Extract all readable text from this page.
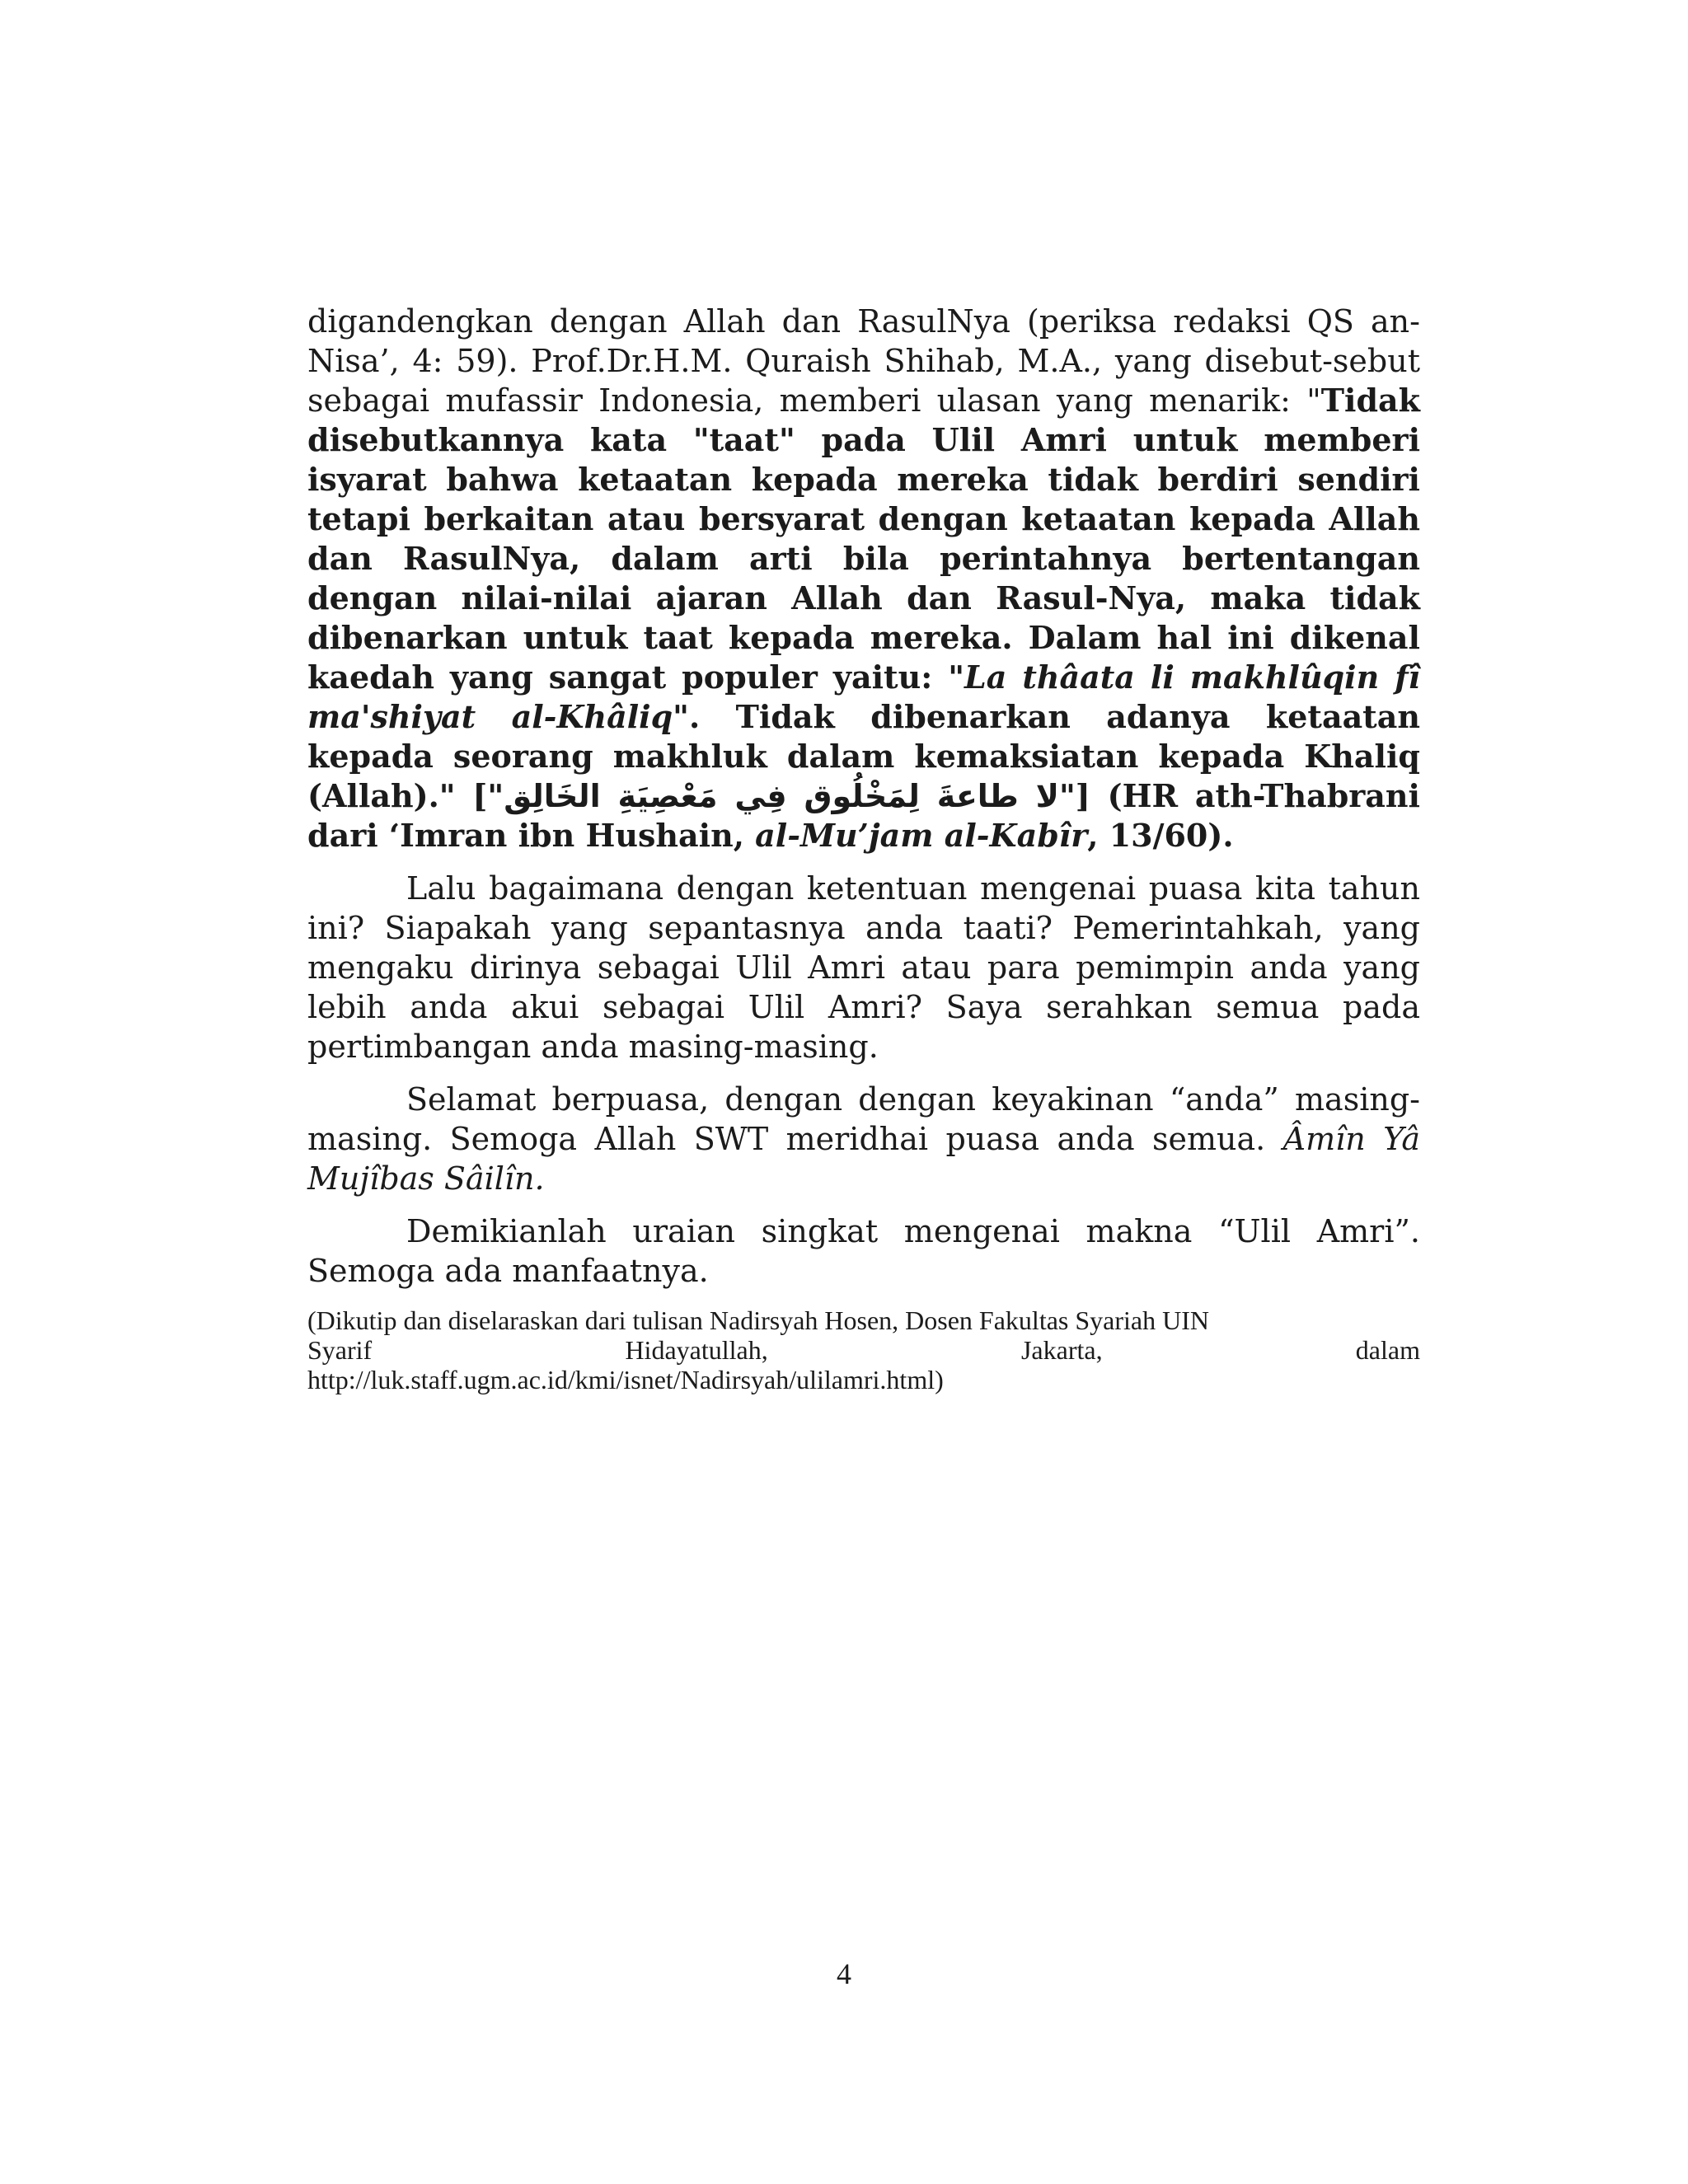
digandengkan dengan Allah dan RasulNya (periksa redaksi QS an-Nisa’, 4: 59). Prof.Dr.H.M. Quraish Shihab, M.A., yang disebut-sebut sebagai mufassir Indonesia, memberi ulasan yang menarik: "Tidak disebutkannya kata "taat" pada Ulil Amri untuk memberi isyarat bahwa ketaatan kepada mereka tidak berdiri sendiri tetapi berkaitan atau bersyarat dengan ketaatan kepada Allah dan RasulNya, dalam arti bila perintahnya bertentangan dengan nilai-nilai ajaran Allah dan Rasul-Nya, maka tidak dibenarkan untuk taat kepada mereka. Dalam hal ini dikenal kaedah yang sangat populer yaitu: "La thâata li makhlûqin fî ma'shiyat al-Khâliq". Tidak dibenarkan adanya ketaatan kepada seorang makhluk dalam kemaksiatan kepada Khaliq (Allah)." ["لا طاعةَ لِمَخْلُوق فِي مَعْصِيَةِ الخَالِق"] (HR ath-Thabrani dari ‘Imran ibn Hushain, al-Mu’jam al-Kabîr, 13/60).

Lalu bagaimana dengan ketentuan mengenai puasa kita tahun ini? Siapakah yang sepantasnya anda taati? Pemerintahkah, yang mengaku dirinya sebagai Ulil Amri atau para pemimpin anda yang lebih anda akui sebagai Ulil Amri? Saya serahkan semua pada pertimbangan anda masing-masing.

Selamat berpuasa, dengan dengan keyakinan “anda” masing-masing. Semoga Allah SWT meridhai puasa anda semua. Âmîn Yâ Mujîbas Sâilîn.

Demikianlah uraian singkat mengenai makna “Ulil Amri”. Semoga ada manfaatnya.

(Dikutip dan diselaraskan dari tulisan Nadirsyah Hosen, Dosen Fakultas Syariah UIN
Syarif	Hidayatullah,	Jakarta,	dalam
http://luk.staff.ugm.ac.id/kmi/isnet/Nadirsyah/ulilamri.html)
4
